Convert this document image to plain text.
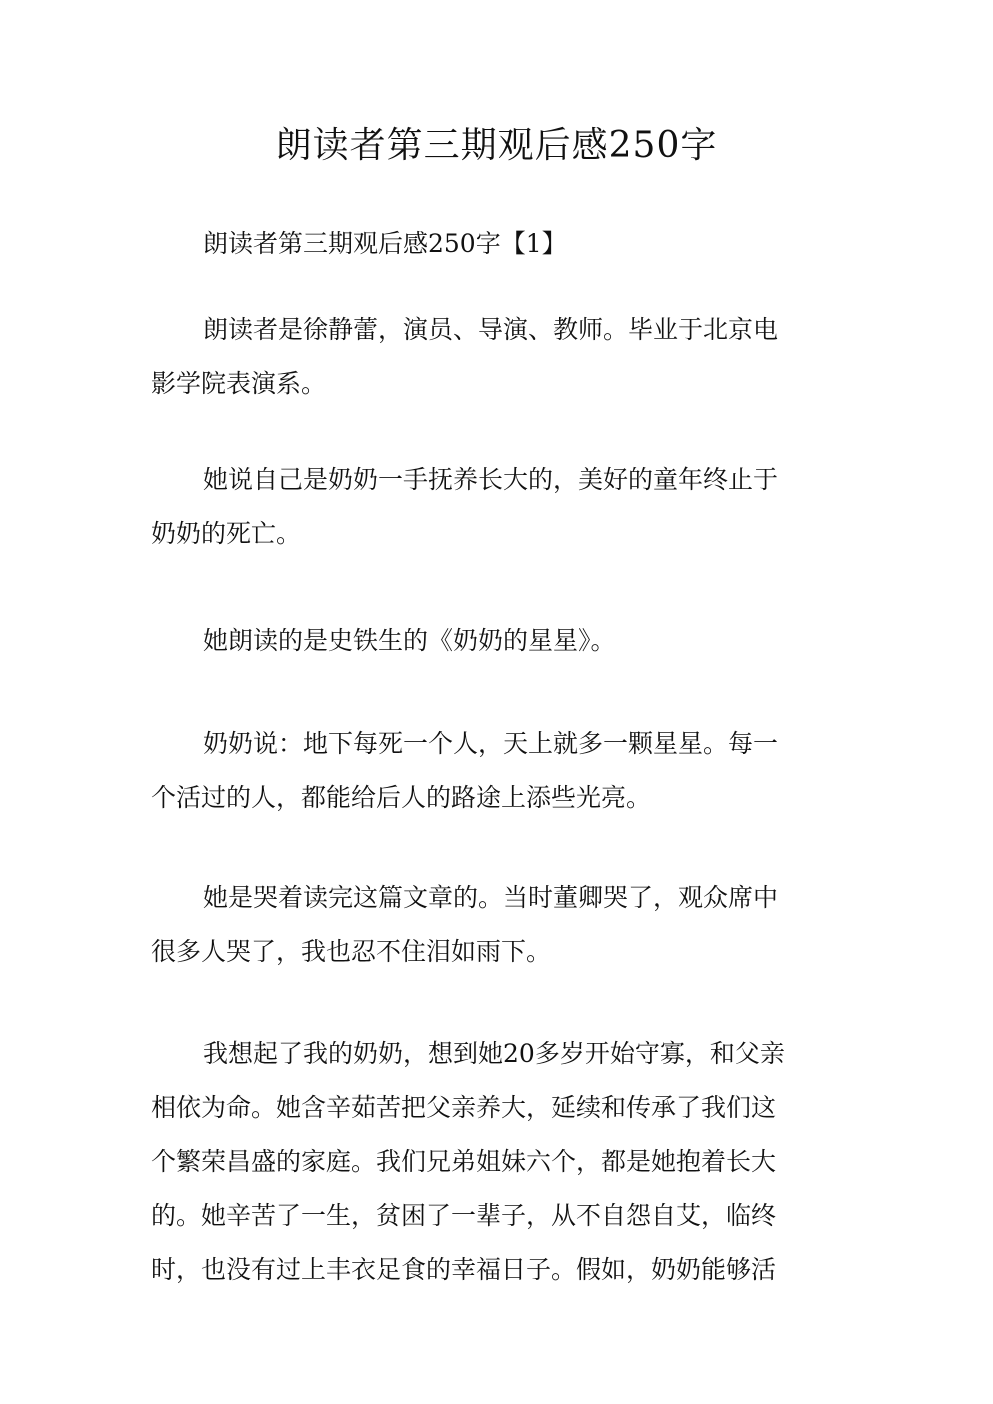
朗读者第三期观后感250字
朗读者第三期观后感250字【1】
朗读者是徐静蕾，演员、导演、教师。毕业于北京电
影学院表演系。
她说自己是奶奶一手抚养长大的，美好的童年终止于
奶奶的死亡。
她朗读的是史铁生的《奶奶的星星》。
奶奶说：地下每死一个人，天上就多一颗星星。每一
个活过的人，都能给后人的路途上添些光亮。
她是哭着读完这篇文章的。当时董卿哭了，观众席中
很多人哭了，我也忍不住泪如雨下。
我想起了我的奶奶，想到她20多岁开始守寡，和父亲
相依为命。她含辛茹苦把父亲养大，延续和传承了我们这
个繁荣昌盛的家庭。我们兄弟姐妹六个，都是她抱着长大
的。她辛苦了一生，贫困了一辈子，从不自怨自艾，临终
时，也没有过上丰衣足食的幸福日子。假如，奶奶能够活
